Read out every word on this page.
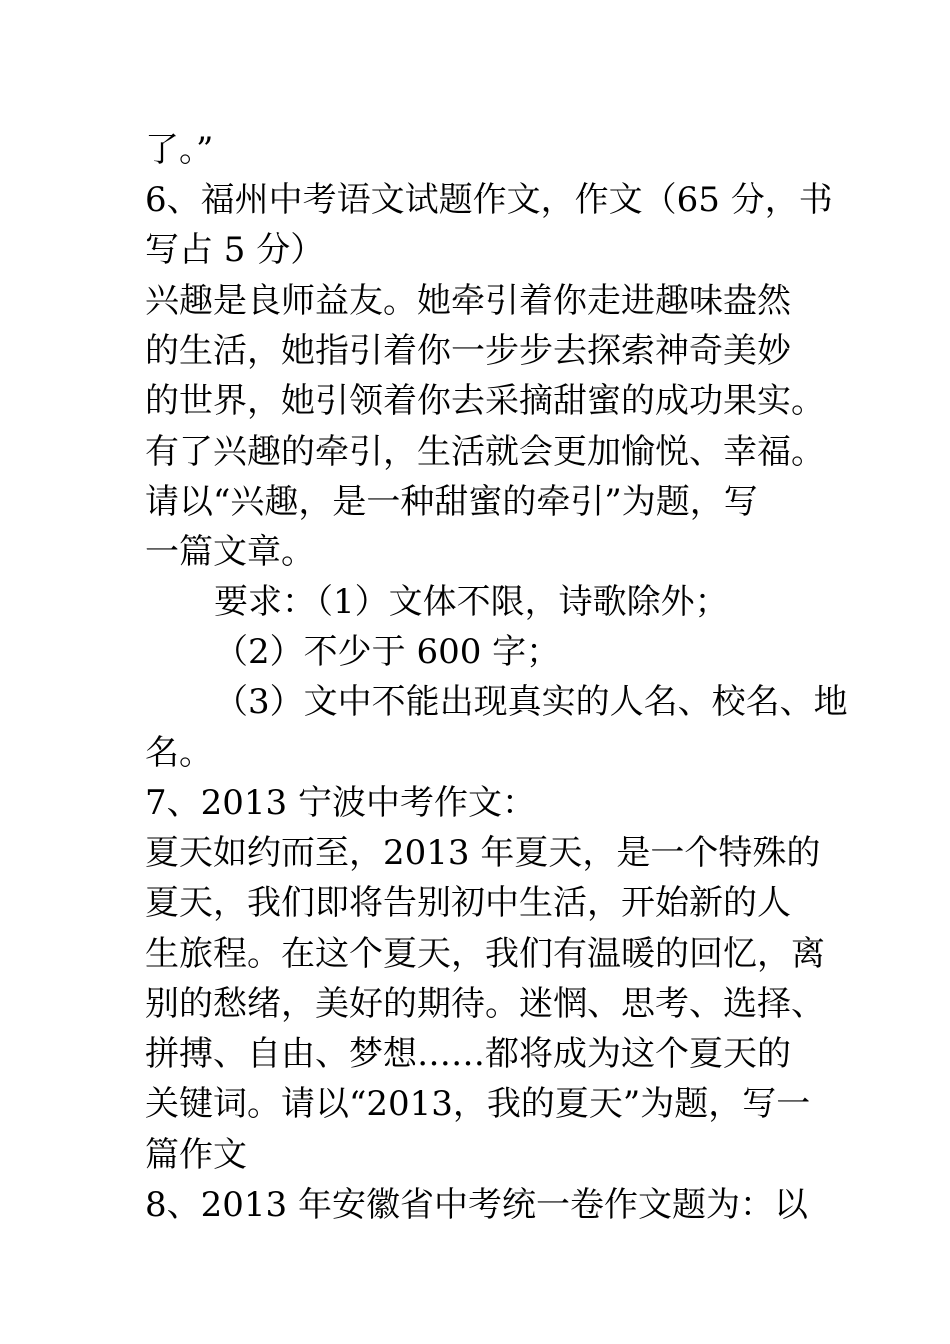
了。”
6、福州中考语文试题作文，作文（65 分，书
写占 5 分）
兴趣是良师益友。她牵引着你走进趣味盎然
的生活，她指引着你一步步去探索神奇美妙
的世界，她引领着你去采摘甜蜜的成功果实。
有了兴趣的牵引，生活就会更加愉悦、幸福。
请以“兴趣，是一种甜蜜的牵引”为题，写
一篇文章。
要求：（1）文体不限，诗歌除外；
（2）不少于 600 字；
（3）文中不能出现真实的人名、校名、地
名。
7、2013 宁波中考作文：
夏天如约而至，2013 年夏天，是一个特殊的
夏天，我们即将告别初中生活，开始新的人
生旅程。在这个夏天，我们有温暖的回忆，离
别的愁绪，美好的期待。迷惘、思考、选择、
拼搏、自由、梦想……都将成为这个夏天的
关键词。请以“2013，我的夏天”为题，写一
篇作文
8、2013 年安徽省中考统一卷作文题为：以
